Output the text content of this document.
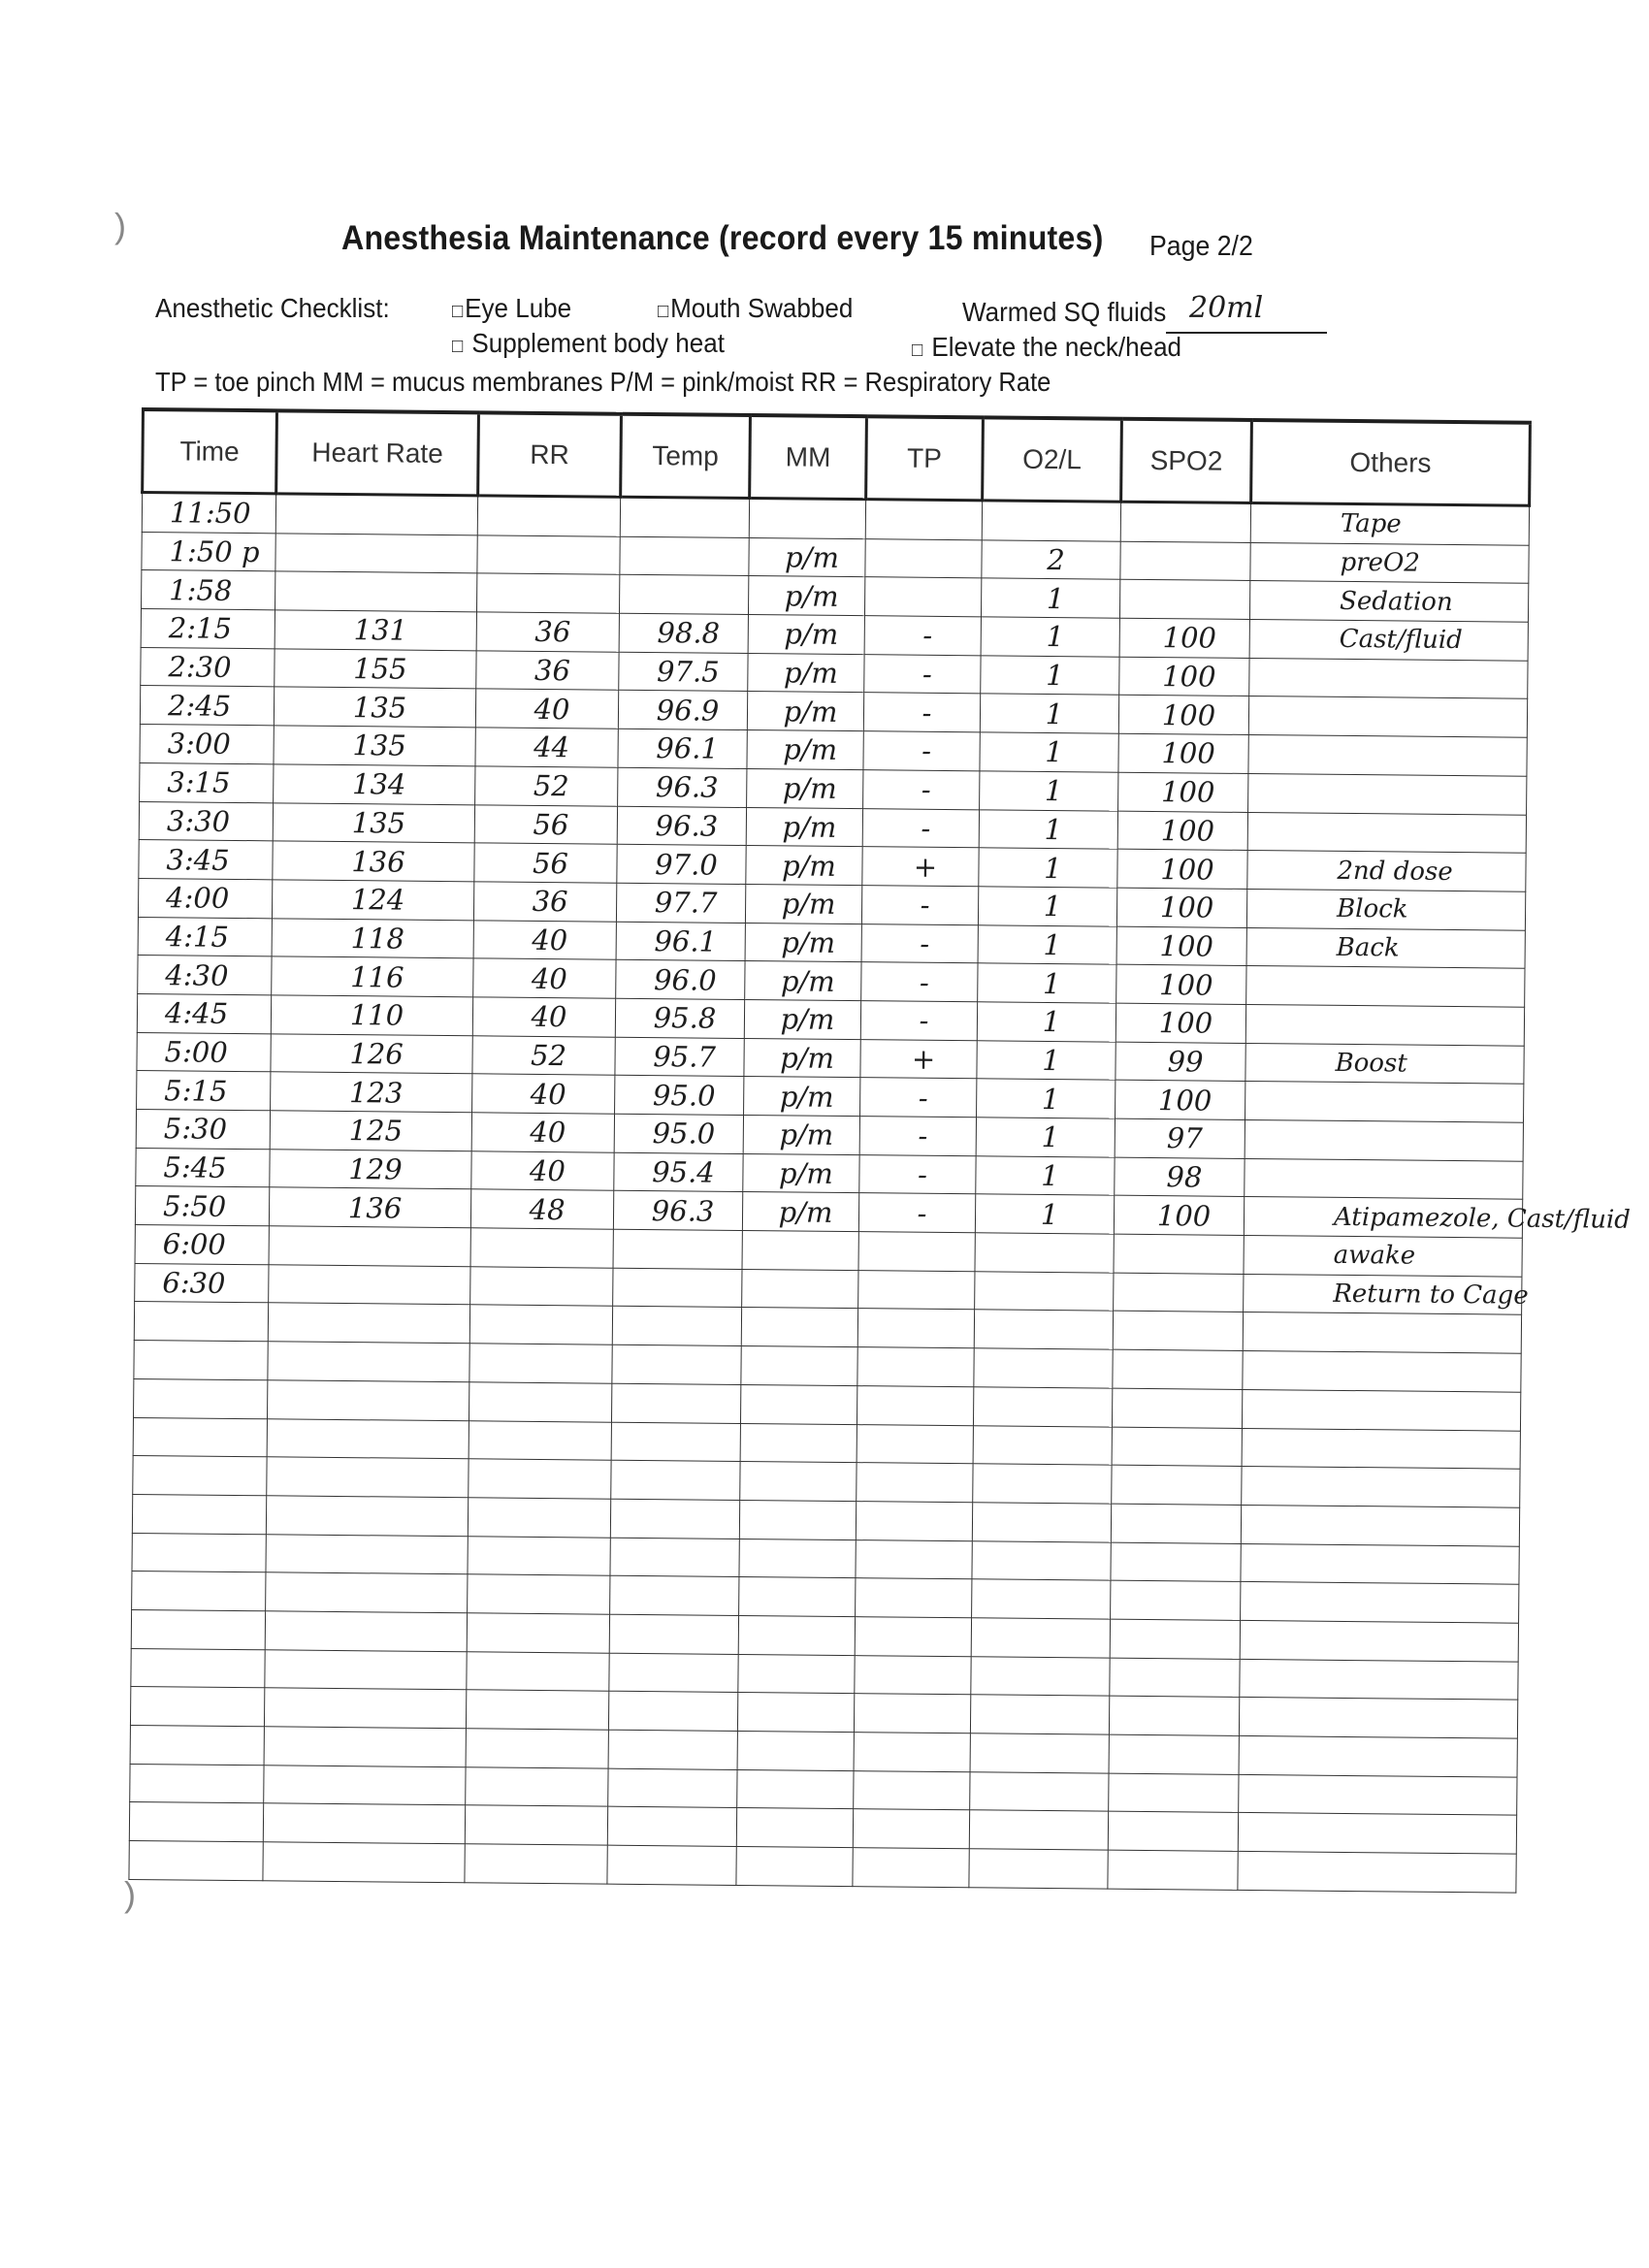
Anesthesia Maintenance (record every 15 minutes) Page 2/2
Anesthetic Checklist:	□Eye Lube	□Mouth Swabbed
□ Supplement body heat	□ Elevate the neck/head
Warmed SQ fluids 20ml
TP = toe pinch MM = mucus membranes P/M = pink/moist RR = Respiratory Rate
)
)
Time	Heart Rate	RR	Temp	MM	TP	O2/L	SPO2	Others
11:50								Tape
1:50 p				p/m		2		preO2
1:58				p/m		1		Sedation
2:15	131	36	98.8	p/m	-	1	100	Cast/fluid
2:30	155	36	97.5	p/m	-	1	100	
2:45	135	40	96.9	p/m	-	1	100	
3:00	135	44	96.1	p/m	-	1	100	
3:15	134	52	96.3	p/m	-	1	100	
3:30	135	56	96.3	p/m	-	1	100	
3:45	136	56	97.0	p/m	+	1	100	2nd dose
4:00	124	36	97.7	p/m	-	1	100	Block
4:15	118	40	96.1	p/m	-	1	100	Back
4:30	116	40	96.0	p/m	-	1	100	
4:45	110	40	95.8	p/m	-	1	100	
5:00	126	52	95.7	p/m	+	1	99	Boost
5:15	123	40	95.0	p/m	-	1	100	
5:30	125	40	95.0	p/m	-	1	97	
5:45	129	40	95.4	p/m	-	1	98	
5:50	136	48	96.3	p/m	-	1	100	Atipamezole, Cast/fluid
6:00								awake
6:30								Return to Cage
